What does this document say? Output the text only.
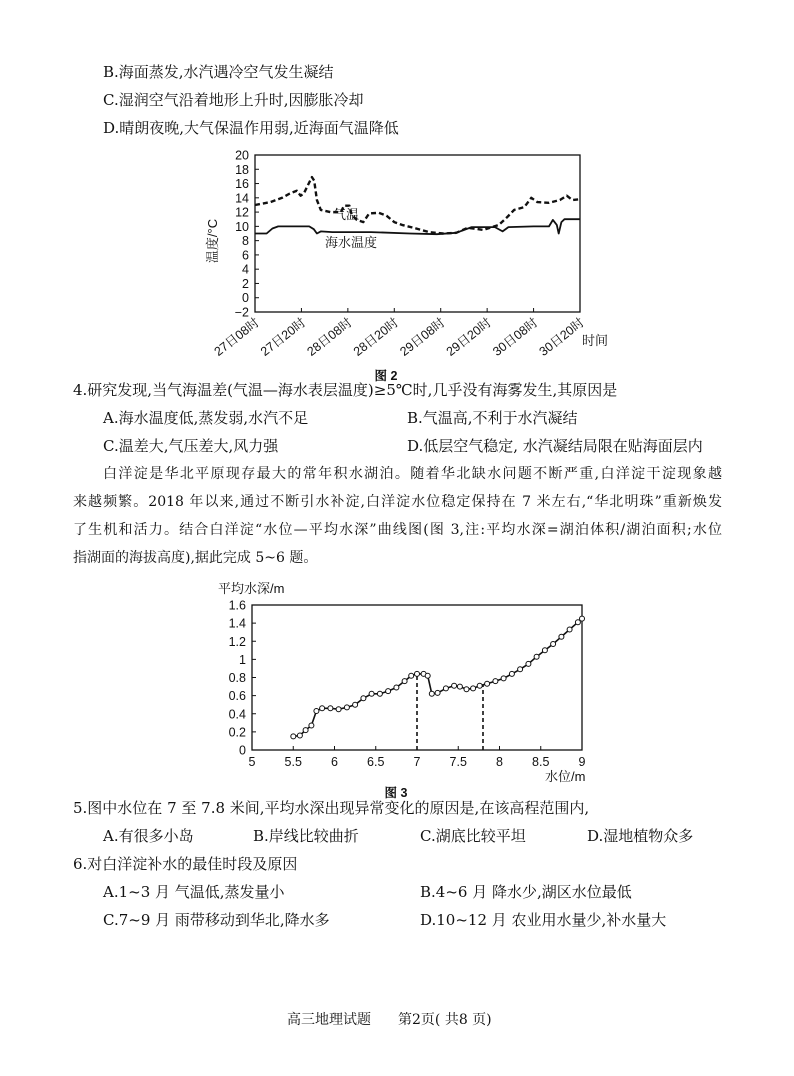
B.海面蒸发,水汽遇冷空气发生凝结
C.湿润空气沿着地形上升时,因膨胀冷却
D.晴朗夜晚,大气保温作用弱,近海面气温降低
20
18
16
14
12
10
8
6
4
2
0
−2
27日08时
27日20时
28日08时
28日20时
29日08时
29日20时
30日08时
30日20时
气温
海水温度
温度/°C
时间
图 2
4.研究发现,当气海温差(气温—海水表层温度)≥5℃时,几乎没有海雾发生,其原因是
A.海水温度低,蒸发弱,水汽不足	B.气温高,不利于水汽凝结
C.温差大,气压差大,风力强	D.低层空气稳定, 水汽凝结局限在贴海面层内
白洋淀是华北平原现存最大的常年积水湖泊。随着华北缺水问题不断严重,白洋淀干淀现象越
来越频繁。2018 年以来,通过不断引水补淀,白洋淀水位稳定保持在 7 米左右,“华北明珠”重新焕发
了生机和活力。结合白洋淀“水位—平均水深”曲线图(图 3,注:平均水深=湖泊体积/湖泊面积;水位
指湖面的海拔高度),据此完成 5~6 题。
1.6
1.4
1.2
1
0.8
0.6
0.4
0.2
0
5 5.5 6 6.5 7 7.5 8 8.5 9
平均水深/m
水位/m
图 3
5.图中水位在 7 至 7.8 米间,平均水深出现异常变化的原因是,在该高程范围内,
A.有很多小岛	B.岸线比较曲折	C.湖底比较平坦	D.湿地植物众多
6.对白洋淀补水的最佳时段及原因
A.1~3 月 气温低,蒸发量小	B.4~6 月 降水少,湖区水位最低
C.7~9 月 雨带移动到华北,降水多	D.10~12 月 农业用水量少,补水量大
高三地理试题 第2页( 共8 页)
